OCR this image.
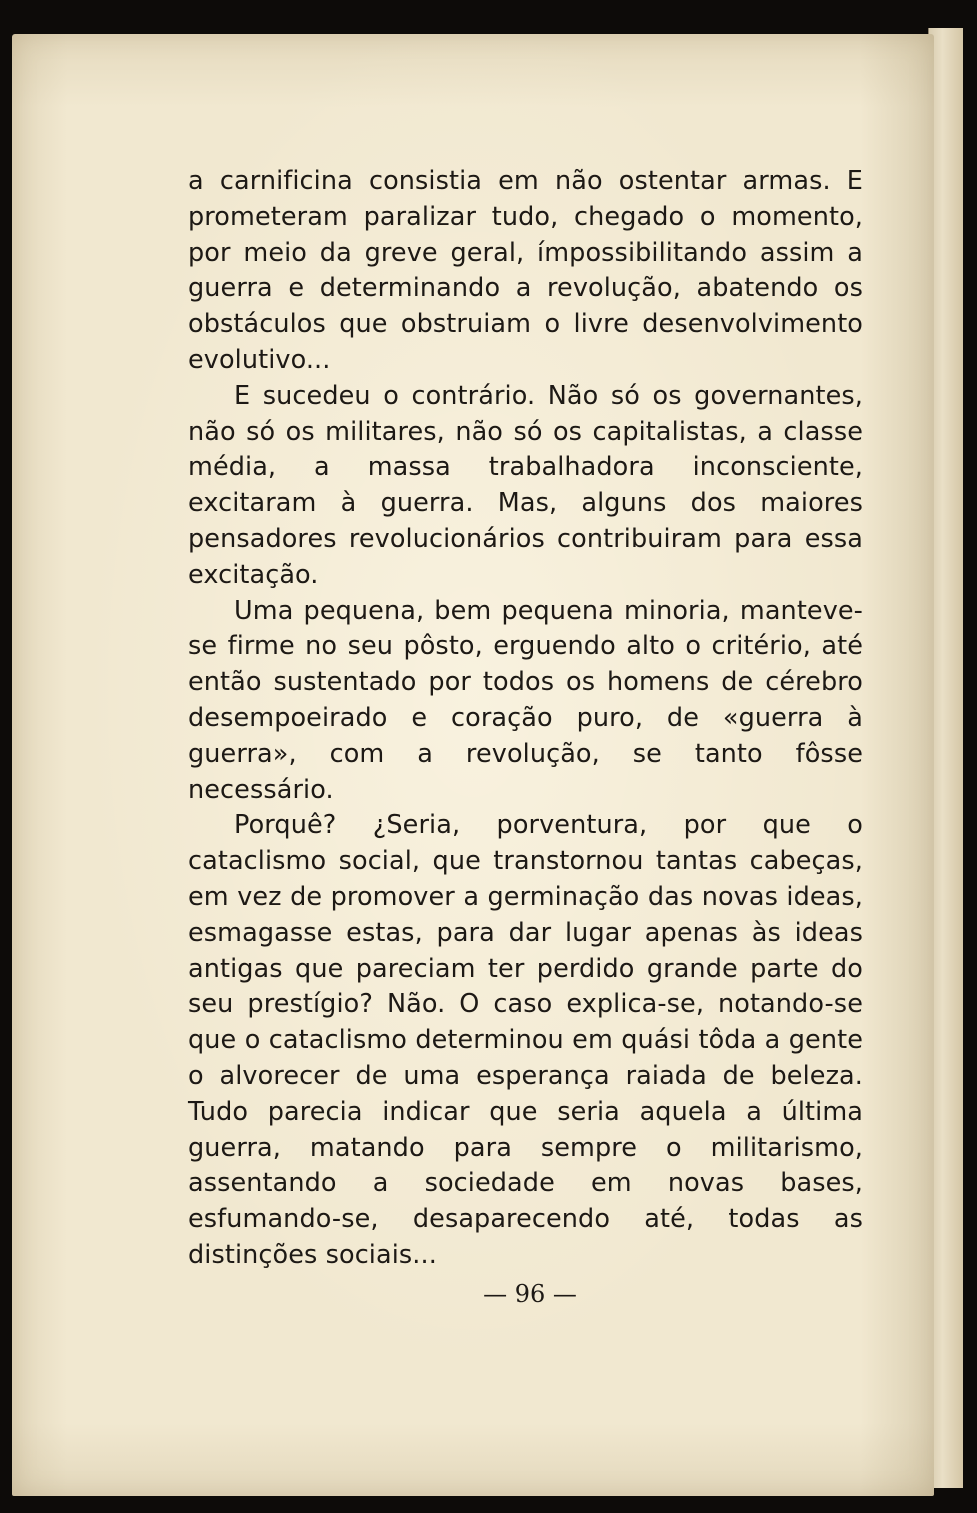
a carnificina consistia em não ostentar armas. E prometeram paralizar tudo, chegado o momento, por meio da greve geral, ímpossibilitando assim a guerra e determinando a revolução, abatendo os obstáculos que obstruiam o livre desenvolvimento evolutivo...

E sucedeu o contrário. Não só os governantes, não só os militares, não só os capitalistas, a classe média, a massa trabalhadora inconsciente, excitaram à guerra. Mas, alguns dos maiores pensadores revolucionários contribuiram para essa excitação.

Uma pequena, bem pequena minoria, manteve-se firme no seu pôsto, erguendo alto o critério, até então sustentado por todos os homens de cérebro desempoeirado e coração puro, de «guerra à guerra», com a revolução, se tanto fôsse necessário.

Porquê? ¿Seria, porventura, por que o cataclismo social, que transtornou tantas cabeças, em vez de promover a germinação das novas ideas, esmagasse estas, para dar lugar apenas às ideas antigas que pareciam ter perdido grande parte do seu prestígio? Não. O caso explica-se, notando-se que o cataclismo determinou em quási tôda a gente o alvorecer de uma esperança raiada de beleza. Tudo parecia indicar que seria aquela a última guerra, matando para sempre o militarismo, assentando a sociedade em novas bases, esfumando-se, desaparecendo até, todas as distinções sociais...

— 96 —
